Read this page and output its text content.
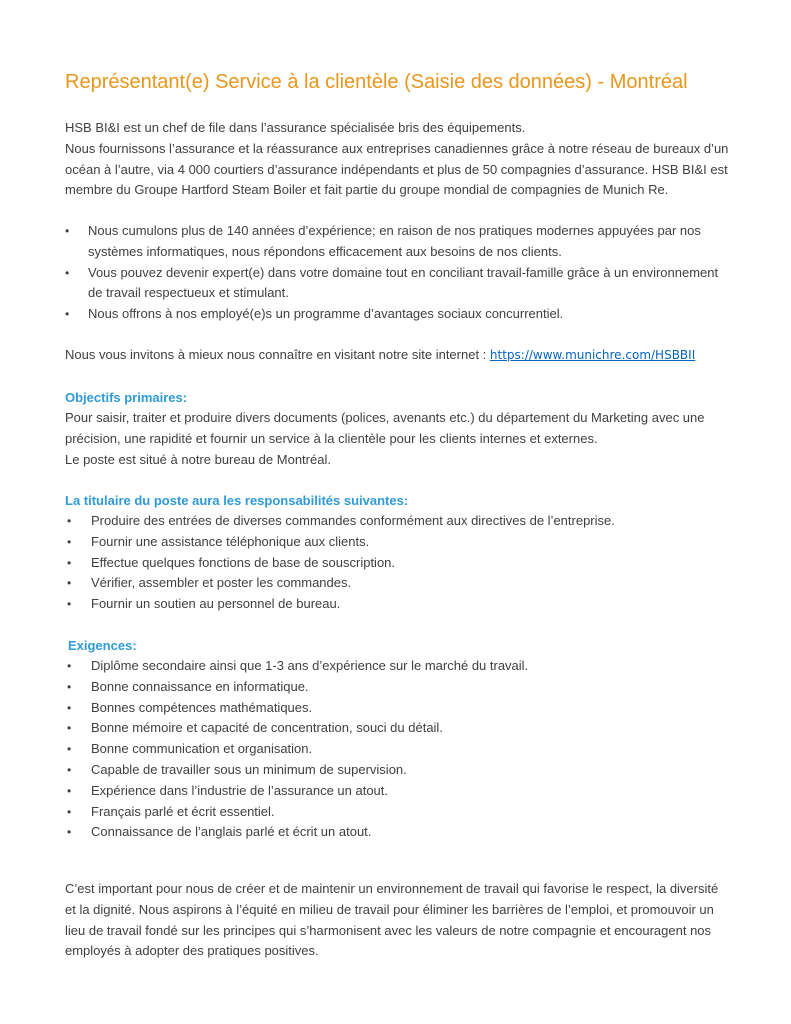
Représentant(e) Service à la clientèle (Saisie des données) - Montréal

HSB BI&I est un chef de file dans l’assurance spécialisée bris des équipements.

Nous fournissons l’assurance et la réassurance aux entreprises canadiennes grâce à notre réseau de bureaux d’un océan à l’autre, via 4 000 courtiers d’assurance indépendants et plus de 50 compagnies d’assurance. HSB BI&I est membre du Groupe Hartford Steam Boiler et fait partie du groupe mondial de compagnies de Munich Re.

• Nous cumulons plus de 140 années d’expérience; en raison de nos pratiques modernes appuyées par nos systèmes informatiques, nous répondons efficacement aux besoins de nos clients.
• Vous pouvez devenir expert(e) dans votre domaine tout en conciliant travail-famille grâce à un environnement de travail respectueux et stimulant.
• Nous offrons à nos employé(e)s un programme d’avantages sociaux concurrentiel.

Nous vous invitons à mieux nous connaître en visitant notre site internet : https://www.munichre.com/HSBBII

Objectifs primaires:

Pour saisir, traiter et produire divers documents (polices, avenants etc.) du département du Marketing avec une précision, une rapidité et fournir un service à la clientèle pour les clients internes et externes.

Le poste est situé à notre bureau de Montréal.

La titulaire du poste aura les responsabilités suivantes:

• Produire des entrées de diverses commandes conformément aux directives de l’entreprise.
• Fournir une assistance téléphonique aux clients.
• Effectue quelques fonctions de base de souscription.
• Vérifier, assembler et poster les commandes.
• Fournir un soutien au personnel de bureau.

Exigences:

• Diplôme secondaire ainsi que 1-3 ans d’expérience sur le marché du travail.
• Bonne connaissance en informatique.
• Bonnes compétences mathématiques.
• Bonne mémoire et capacité de concentration, souci du détail.
• Bonne communication et organisation.
• Capable de travailler sous un minimum de supervision.
• Expérience dans l’industrie de l’assurance un atout.
• Français parlé et écrit essentiel.
• Connaissance de l’anglais parlé et écrit un atout.

C’est important pour nous de créer et de maintenir un environnement de travail qui favorise le respect, la diversité et la dignité. Nous aspirons à l’équité en milieu de travail pour éliminer les barrières de l’emploi, et promouvoir un lieu de travail fondé sur les principes qui s’harmonisent avec les valeurs de notre compagnie et encouragent nos employés à adopter des pratiques positives.
